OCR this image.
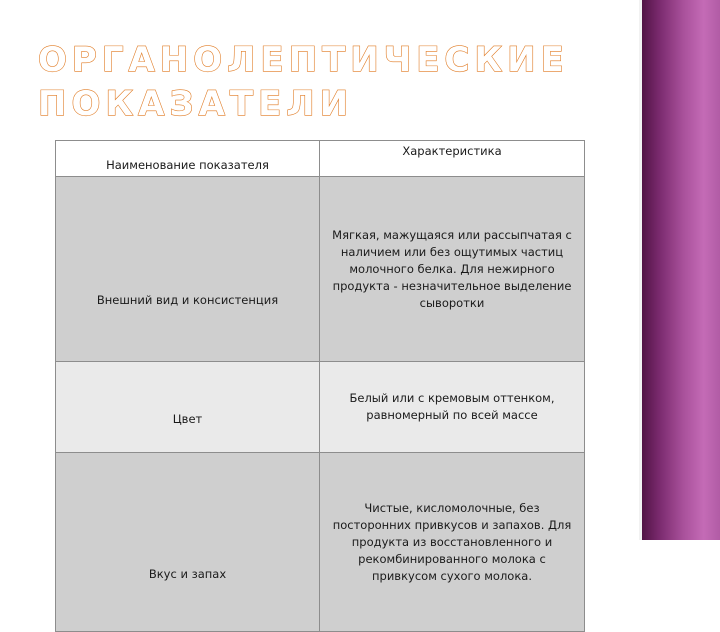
ОРГАНОЛЕПТИЧЕСКИЕ
ПОКАЗАТЕЛИ
Наименование показателя	Характеристика
Внешний вид и консистенция	Мягкая, мажущаяся или рассыпчатая с наличием или без ощутимых частиц молочного белка. Для нежирного продукта - незначительное выделение сыворотки
Цвет	Белый или с кремовым оттенком, равномерный по всей массе
Вкус и запах	Чистые, кисломолочные, без посторонних привкусов и запахов. Для продукта из восстановленного и рекомбинированного молока с привкусом сухого молока.
